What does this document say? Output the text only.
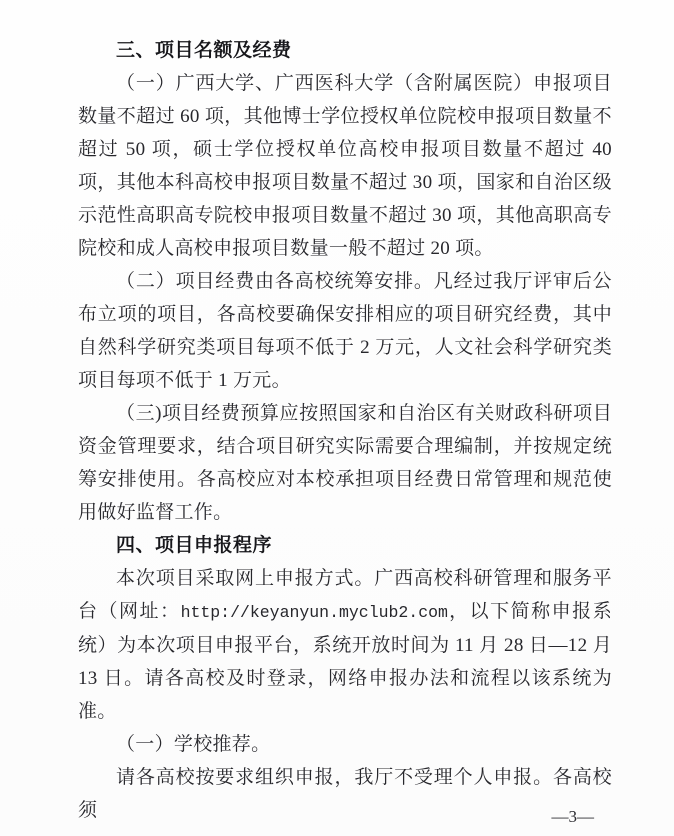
三、项目名额及经费

（一）广西大学、广西医科大学（含附属医院）申报项目数量不超过 60 项，其他博士学位授权单位院校申报项目数量不超过 50 项，硕士学位授权单位高校申报项目数量不超过 40 项，其他本科高校申报项目数量不超过 30 项，国家和自治区级示范性高职高专院校申报项目数量不超过 30 项，其他高职高专院校和成人高校申报项目数量一般不超过 20 项。

（二）项目经费由各高校统筹安排。凡经过我厅评审后公布立项的项目，各高校要确保安排相应的项目研究经费，其中自然科学研究类项目每项不低于 2 万元，人文社会科学研究类项目每项不低于 1 万元。

（三)项目经费预算应按照国家和自治区有关财政科研项目资金管理要求，结合项目研究实际需要合理编制，并按规定统筹安排使用。各高校应对本校承担项目经费日常管理和规范使用做好监督工作。

四、项目申报程序

本次项目采取网上申报方式。广西高校科研管理和服务平台（网址：http://keyanyun.myclub2.com，以下简称申报系统）为本次项目申报平台，系统开放时间为 11 月 28 日—12 月 13 日。请各高校及时登录，网络申报办法和流程以该系统为准。

（一）学校推荐。

请各高校按要求组织申报，我厅不受理个人申报。各高校须	—3—
